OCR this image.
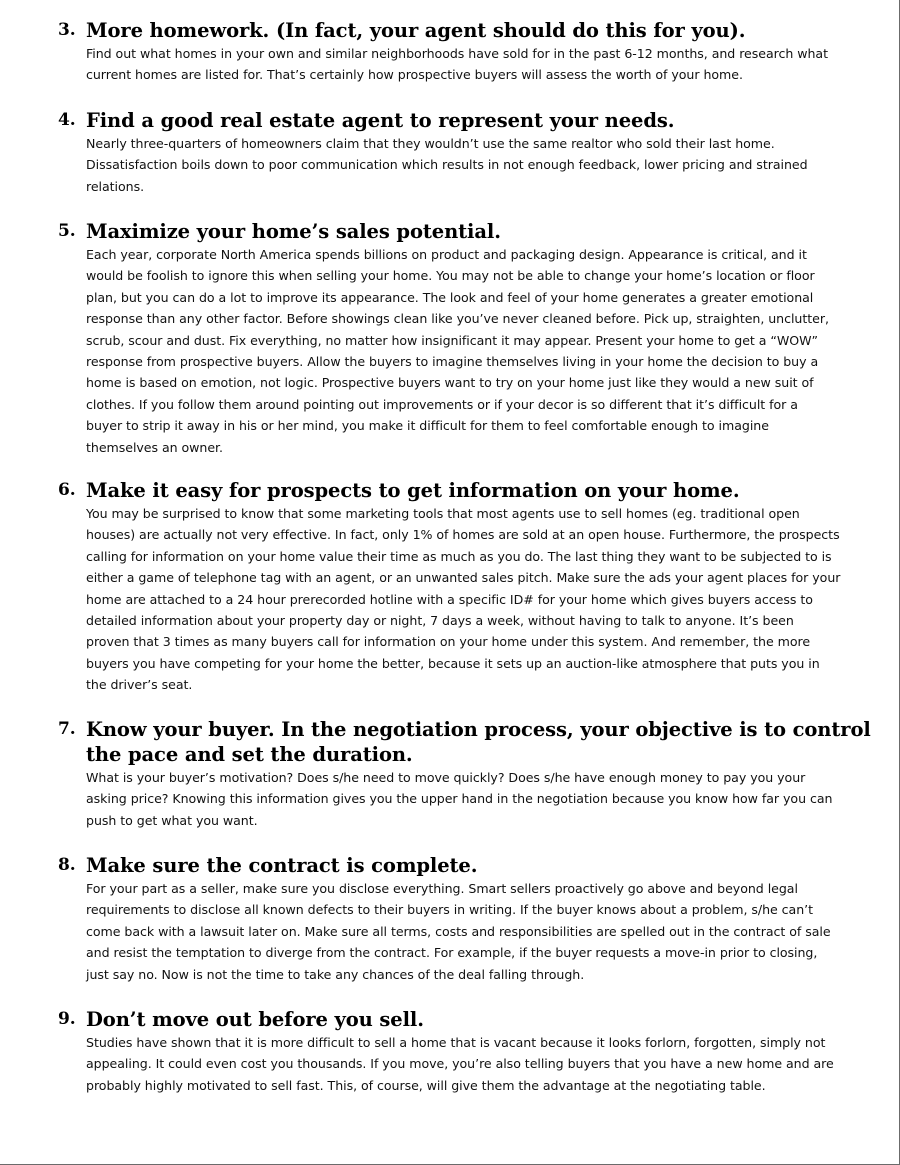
3. More homework. (In fact, your agent should do this for you).
Find out what homes in your own and similar neighborhoods have sold for in the past 6-12 months, and research what
current homes are listed for. That’s certainly how prospective buyers will assess the worth of your home.
4. Find a good real estate agent to represent your needs.
Nearly three-quarters of homeowners claim that they wouldn’t use the same realtor who sold their last home.
Dissatisfaction boils down to poor communication which results in not enough feedback, lower pricing and strained
relations.
5. Maximize your home’s sales potential.
Each year, corporate North America spends billions on product and packaging design. Appearance is critical, and it
would be foolish to ignore this when selling your home. You may not be able to change your home’s location or floor
plan, but you can do a lot to improve its appearance. The look and feel of your home generates a greater emotional
response than any other factor. Before showings clean like you’ve never cleaned before. Pick up, straighten, unclutter,
scrub, scour and dust. Fix everything, no matter how insignificant it may appear. Present your home to get a “WOW”
response from prospective buyers. Allow the buyers to imagine themselves living in your home the decision to buy a
home is based on emotion, not logic. Prospective buyers want to try on your home just like they would a new suit of
clothes. If you follow them around pointing out improvements or if your decor is so different that it’s difficult for a
buyer to strip it away in his or her mind, you make it difficult for them to feel comfortable enough to imagine
themselves an owner.
6. Make it easy for prospects to get information on your home.
You may be surprised to know that some marketing tools that most agents use to sell homes (eg. traditional open
houses) are actually not very effective. In fact, only 1% of homes are sold at an open house. Furthermore, the prospects
calling for information on your home value their time as much as you do. The last thing they want to be subjected to is
either a game of telephone tag with an agent, or an unwanted sales pitch. Make sure the ads your agent places for your
home are attached to a 24 hour prerecorded hotline with a specific ID# for your home which gives buyers access to
detailed information about your property day or night, 7 days a week, without having to talk to anyone. It’s been
proven that 3 times as many buyers call for information on your home under this system. And remember, the more
buyers you have competing for your home the better, because it sets up an auction-like atmosphere that puts you in
the driver’s seat.
7. Know your buyer. In the negotiation process, your objective is to control the pace and set the duration.
What is your buyer’s motivation? Does s/he need to move quickly? Does s/he have enough money to pay you your
asking price? Knowing this information gives you the upper hand in the negotiation because you know how far you can
push to get what you want.
8. Make sure the contract is complete.
For your part as a seller, make sure you disclose everything. Smart sellers proactively go above and beyond legal
requirements to disclose all known defects to their buyers in writing. If the buyer knows about a problem, s/he can’t
come back with a lawsuit later on. Make sure all terms, costs and responsibilities are spelled out in the contract of sale
and resist the temptation to diverge from the contract. For example, if the buyer requests a move-in prior to closing,
just say no. Now is not the time to take any chances of the deal falling through.
9. Don’t move out before you sell.
Studies have shown that it is more difficult to sell a home that is vacant because it looks forlorn, forgotten, simply not
appealing. It could even cost you thousands. If you move, you’re also telling buyers that you have a new home and are
probably highly motivated to sell fast. This, of course, will give them the advantage at the negotiating table.
